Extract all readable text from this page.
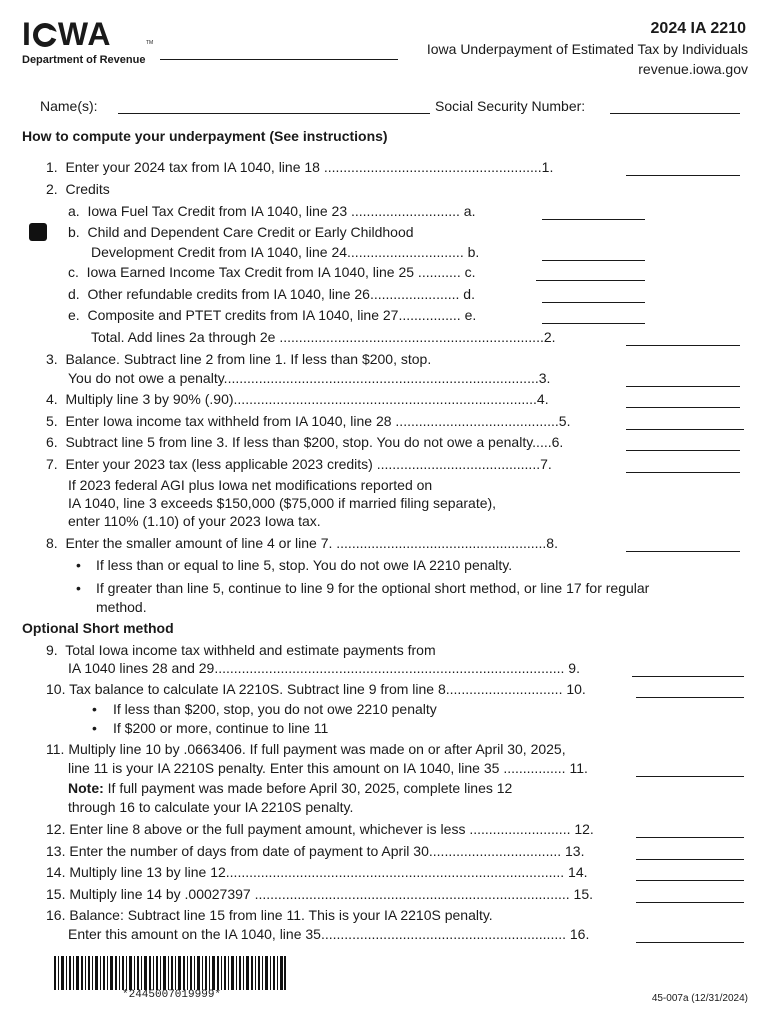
I WA	TM
Department of Revenue
2024 IA 2210
Iowa Underpayment of Estimated Tax by Individuals
revenue.iowa.gov
Name(s):	Social Security Number:
How to compute your underpayment (See instructions)
1.  Enter your 2024 tax from IA 1040, line 18 ........................................................1.
2.  Credits
a.  Iowa Fuel Tax Credit from IA 1040, line 23 ............................ a.
b.  Child and Dependent Care Credit or Early Childhood
Development Credit from IA 1040, line 24.............................. b.
c.  Iowa Earned Income Tax Credit from IA 1040, line 25 ........... c.
d.  Other refundable credits from IA 1040, line 26....................... d.
e.  Composite and PTET credits from IA 1040, line 27................ e.
Total. Add lines 2a through 2e ....................................................................2.
3.  Balance. Subtract line 2 from line 1. If less than $200, stop.
You do not owe a penalty.................................................................................3.
4.  Multiply line 3 by 90% (.90)..............................................................................4.
5.  Enter Iowa income tax withheld from IA 1040, line 28 ..........................................5.
6.  Subtract line 5 from line 3. If less than $200, stop. You do not owe a penalty.....6.
7.  Enter your 2023 tax (less applicable 2023 credits) ..........................................7.
If 2023 federal AGI plus Iowa net modifications reported on
IA 1040, line 3 exceeds $150,000 ($75,000 if married filing separate),
enter 110% (1.10) of your 2023 Iowa tax.
8.  Enter the smaller amount of line 4 or line 7. ......................................................8.
• If less than or equal to line 5, stop. You do not owe IA 2210 penalty.
• If greater than line 5, continue to line 9 for the optional short method, or line 17 for regular
method.
Optional Short method
9.  Total Iowa income tax withheld and estimate payments from
IA 1040 lines 28 and 29.......................................................................................... 9.
10. Tax balance to calculate IA 2210S. Subtract line 9 from line 8.............................. 10.
• If less than $200, stop, you do not owe 2210 penalty
• If $200 or more, continue to line 11
11. Multiply line 10 by .0663406. If full payment was made on or after April 30, 2025,
line 11 is your IA 2210S penalty. Enter this amount on IA 1040, line 35 ................ 11.
Note: If full payment was made before April 30, 2025, complete lines 12
through 16 to calculate your IA 2210S penalty.
12. Enter line 8 above or the full payment amount, whichever is less .......................... 12.
13. Enter the number of days from date of payment to April 30.................................. 13.
14. Multiply line 13 by line 12....................................................................................... 14.
15. Multiply line 14 by .00027397 ................................................................................. 15.
16. Balance: Subtract line 15 from line 11. This is your IA 2210S penalty.
Enter this amount on the IA 1040, line 35............................................................... 16.
*2445007019999*	45-007a (12/31/2024)
